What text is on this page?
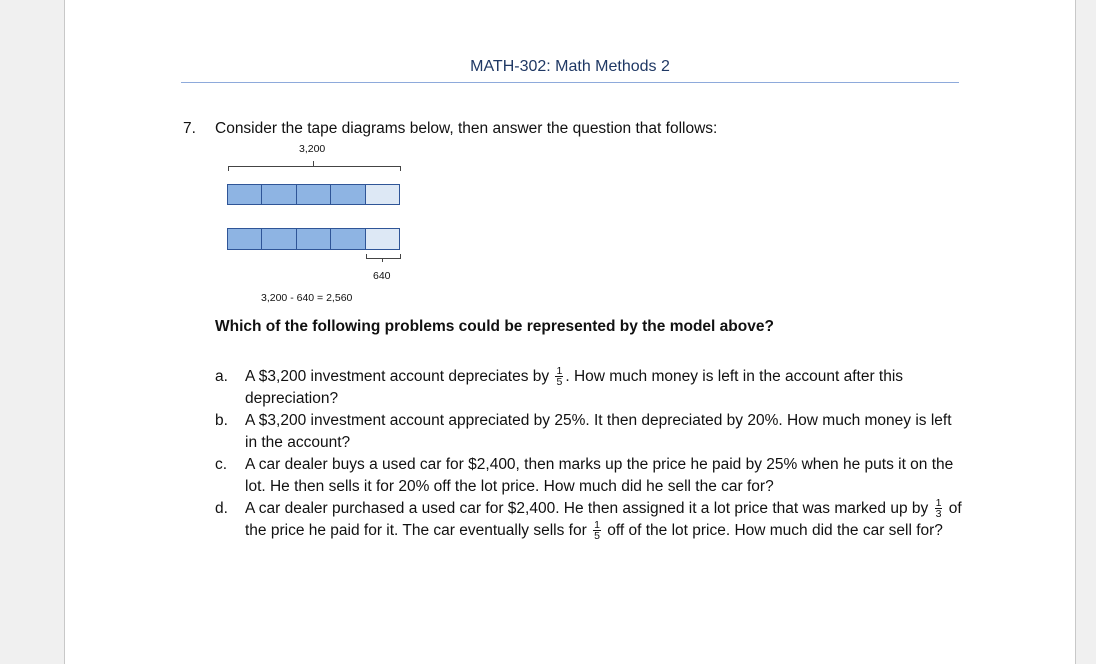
MATH-302: Math Methods 2
7. Consider the tape diagrams below, then answer the question that follows:
3,200
640
3,200 - 640 = 2,560
Which of the following problems could be represented by the model above?
a.	A $3,200 investment account depreciates by $\frac{1}{5}$ . How much money is left in the account after this depreciation?
b.	A $3,200 investment account appreciated by 25%. It then depreciated by 20%. How much money is left in the account?
c.	A car dealer buys a used car for $2,400, then marks up the price he paid by 25% when he puts it on the lot. He then sells it for 20% off the lot price. How much did he sell the car for?
d.	A car dealer purchased a used car for $2,400. He then assigned it a lot price that was marked up by $\frac{1}{3}$ of the price he paid for it. The car eventually sells for $\frac{1}{5}$ off of the lot price. How much did the car sell for?
